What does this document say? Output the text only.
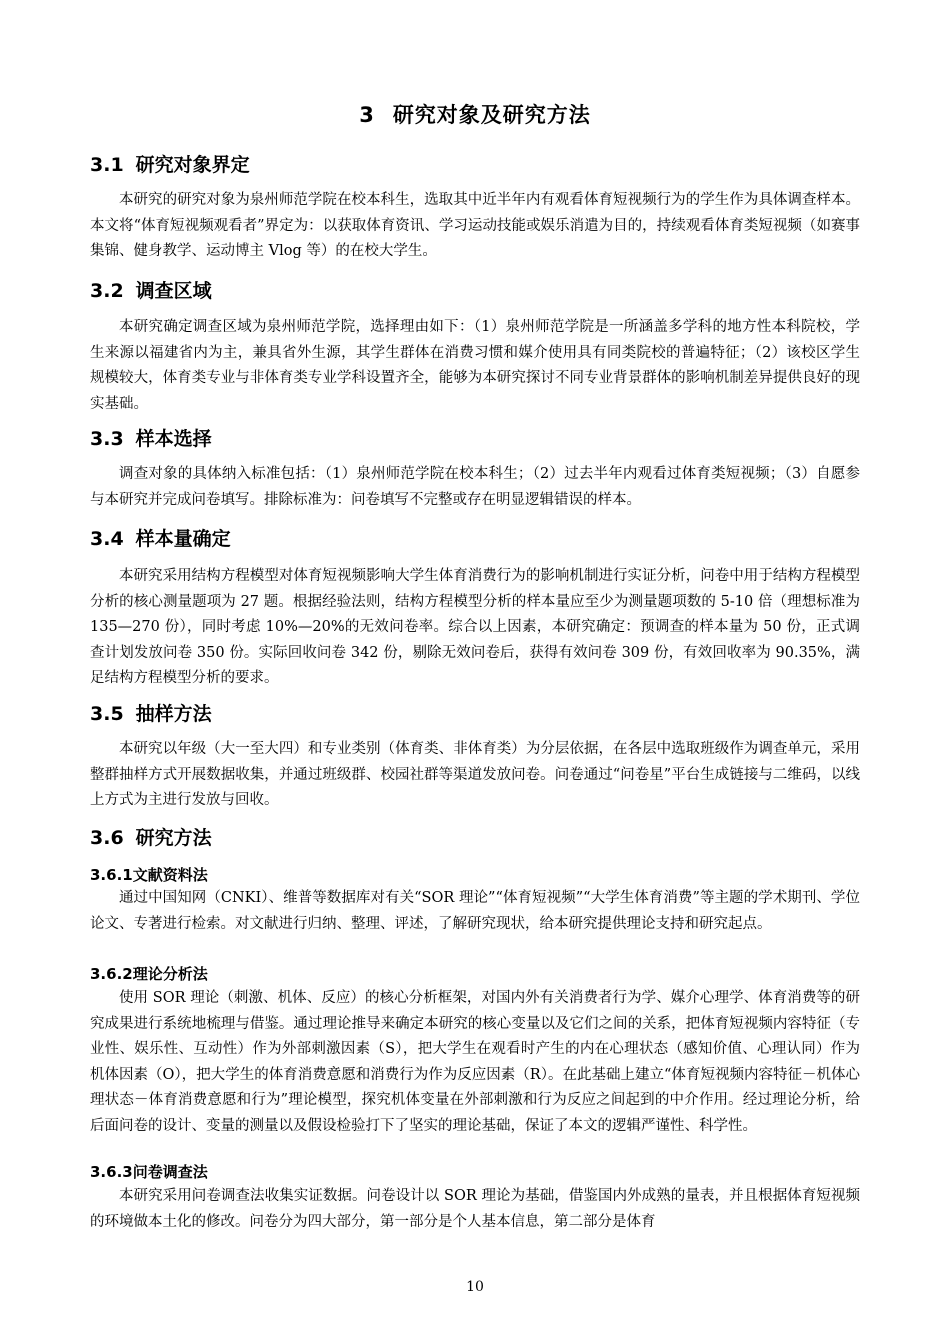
3 研究对象及研究方法
3.1 研究对象界定

本研究的研究对象为泉州师范学院在校本科生，选取其中近半年内有观看体育短视频行为的学生作为具体调查样本。本文将“体育短视频观看者”界定为：以获取体育资讯、学习运动技能或娱乐消遣为目的，持续观看体育类短视频（如赛事集锦、健身教学、运动博主 Vlog 等）的在校大学生。

3.2 调查区域

本研究确定调查区域为泉州师范学院，选择理由如下：（1）泉州师范学院是一所涵盖多学科的地方性本科院校，学生来源以福建省内为主，兼具省外生源，其学生群体在消费习惯和媒介使用具有同类院校的普遍特征；（2）该校区学生规模较大，体育类专业与非体育类专业学科设置齐全，能够为本研究探讨不同专业背景群体的影响机制差异提供良好的现实基础。

3.3 样本选择

调查对象的具体纳入标准包括：（1）泉州师范学院在校本科生；（2）过去半年内观看过体育类短视频；（3）自愿参与本研究并完成问卷填写。排除标准为：问卷填写不完整或存在明显逻辑错误的样本。

3.4 样本量确定

本研究采用结构方程模型对体育短视频影响大学生体育消费行为的影响机制进行实证分析，问卷中用于结构方程模型分析的核心测量题项为 27 题。根据经验法则，结构方程模型分析的样本量应至少为测量题项数的 5-10 倍（理想标准为 135—270 份），同时考虑 10%—20%的无效问卷率。综合以上因素，本研究确定：预调查的样本量为 50 份，正式调查计划发放问卷 350 份。实际回收问卷 342 份，剔除无效问卷后，获得有效问卷 309 份，有效回收率为 90.35%，满足结构方程模型分析的要求。

3.5 抽样方法

本研究以年级（大一至大四）和专业类别（体育类、非体育类）为分层依据，在各层中选取班级作为调查单元，采用整群抽样方式开展数据收集，并通过班级群、校园社群等渠道发放问卷。问卷通过“问卷星”平台生成链接与二维码，以线上方式为主进行发放与回收。

3.6 研究方法
3.6.1文献资料法

通过中国知网（CNKI）、维普等数据库对有关“SOR 理论”“体育短视频”“大学生体育消费”等主题的学术期刊、学位论文、专著进行检索。对文献进行归纳、整理、评述，了解研究现状，给本研究提供理论支持和研究起点。

3.6.2理论分析法

使用 SOR 理论（刺激、机体、反应）的核心分析框架，对国内外有关消费者行为学、媒介心理学、体育消费等的研究成果进行系统地梳理与借鉴。通过理论推导来确定本研究的核心变量以及它们之间的关系，把体育短视频内容特征（专业性、娱乐性、互动性）作为外部刺激因素（S），把大学生在观看时产生的内在心理状态（感知价值、心理认同）作为机体因素（O），把大学生的体育消费意愿和消费行为作为反应因素（R）。在此基础上建立“体育短视频内容特征－机体心理状态－体育消费意愿和行为”理论模型，探究机体变量在外部刺激和行为反应之间起到的中介作用。经过理论分析，给后面问卷的设计、变量的测量以及假设检验打下了坚实的理论基础，保证了本文的逻辑严谨性、科学性。

3.6.3问卷调查法

本研究采用问卷调查法收集实证数据。问卷设计以 SOR 理论为基础，借鉴国内外成熟的量表，并且根据体育短视频的环境做本土化的修改。问卷分为四大部分，第一部分是个人基本信息，第二部分是体育

10
